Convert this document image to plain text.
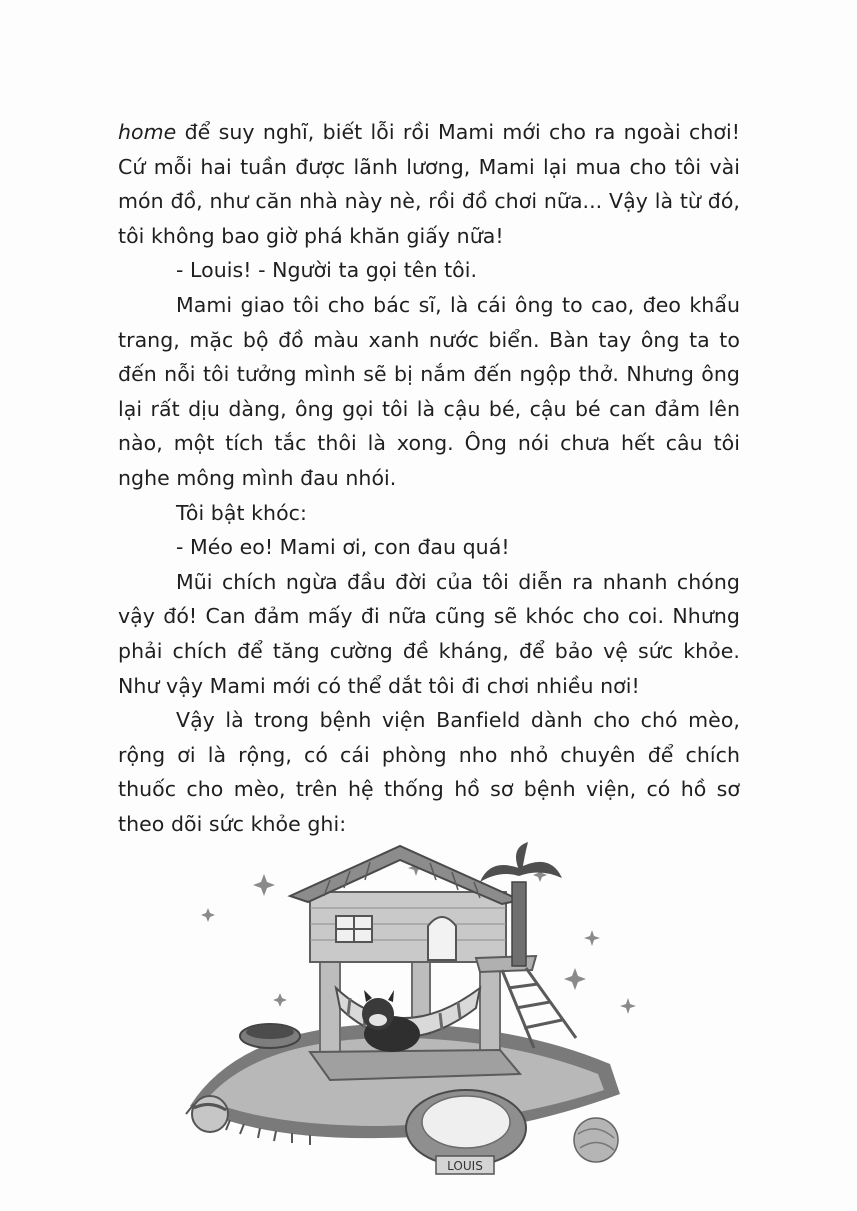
home để suy nghĩ, biết lỗi rồi Mami mới cho ra ngoài chơi! Cứ mỗi hai tuần được lãnh lương, Mami lại mua cho tôi vài món đồ, như căn nhà này nè, rồi đồ chơi nữa... Vậy là từ đó, tôi không bao giờ phá khăn giấy nữa!

- Louis! - Người ta gọi tên tôi.

Mami giao tôi cho bác sĩ, là cái ông to cao, đeo khẩu trang, mặc bộ đồ màu xanh nước biển. Bàn tay ông ta to đến nỗi tôi tưởng mình sẽ bị nắm đến ngộp thở. Nhưng ông lại rất dịu dàng, ông gọi tôi là cậu bé, cậu bé can đảm lên nào, một tích tắc thôi là xong. Ông nói chưa hết câu tôi nghe mông mình đau nhói.

Tôi bật khóc:

- Méo eo! Mami ơi, con đau quá!

Mũi chích ngừa đầu đời của tôi diễn ra nhanh chóng vậy đó! Can đảm mấy đi nữa cũng sẽ khóc cho coi. Nhưng phải chích để tăng cường đề kháng, để bảo vệ sức khỏe. Như vậy Mami mới có thể dắt tôi đi chơi nhiều nơi!

Vậy là trong bệnh viện Banfield dành cho chó mèo, rộng ơi là rộng, có cái phòng nho nhỏ chuyên để chích thuốc cho mèo, trên hệ thống hồ sơ bệnh viện, có hồ sơ theo dõi sức khỏe ghi:

LOUIS
